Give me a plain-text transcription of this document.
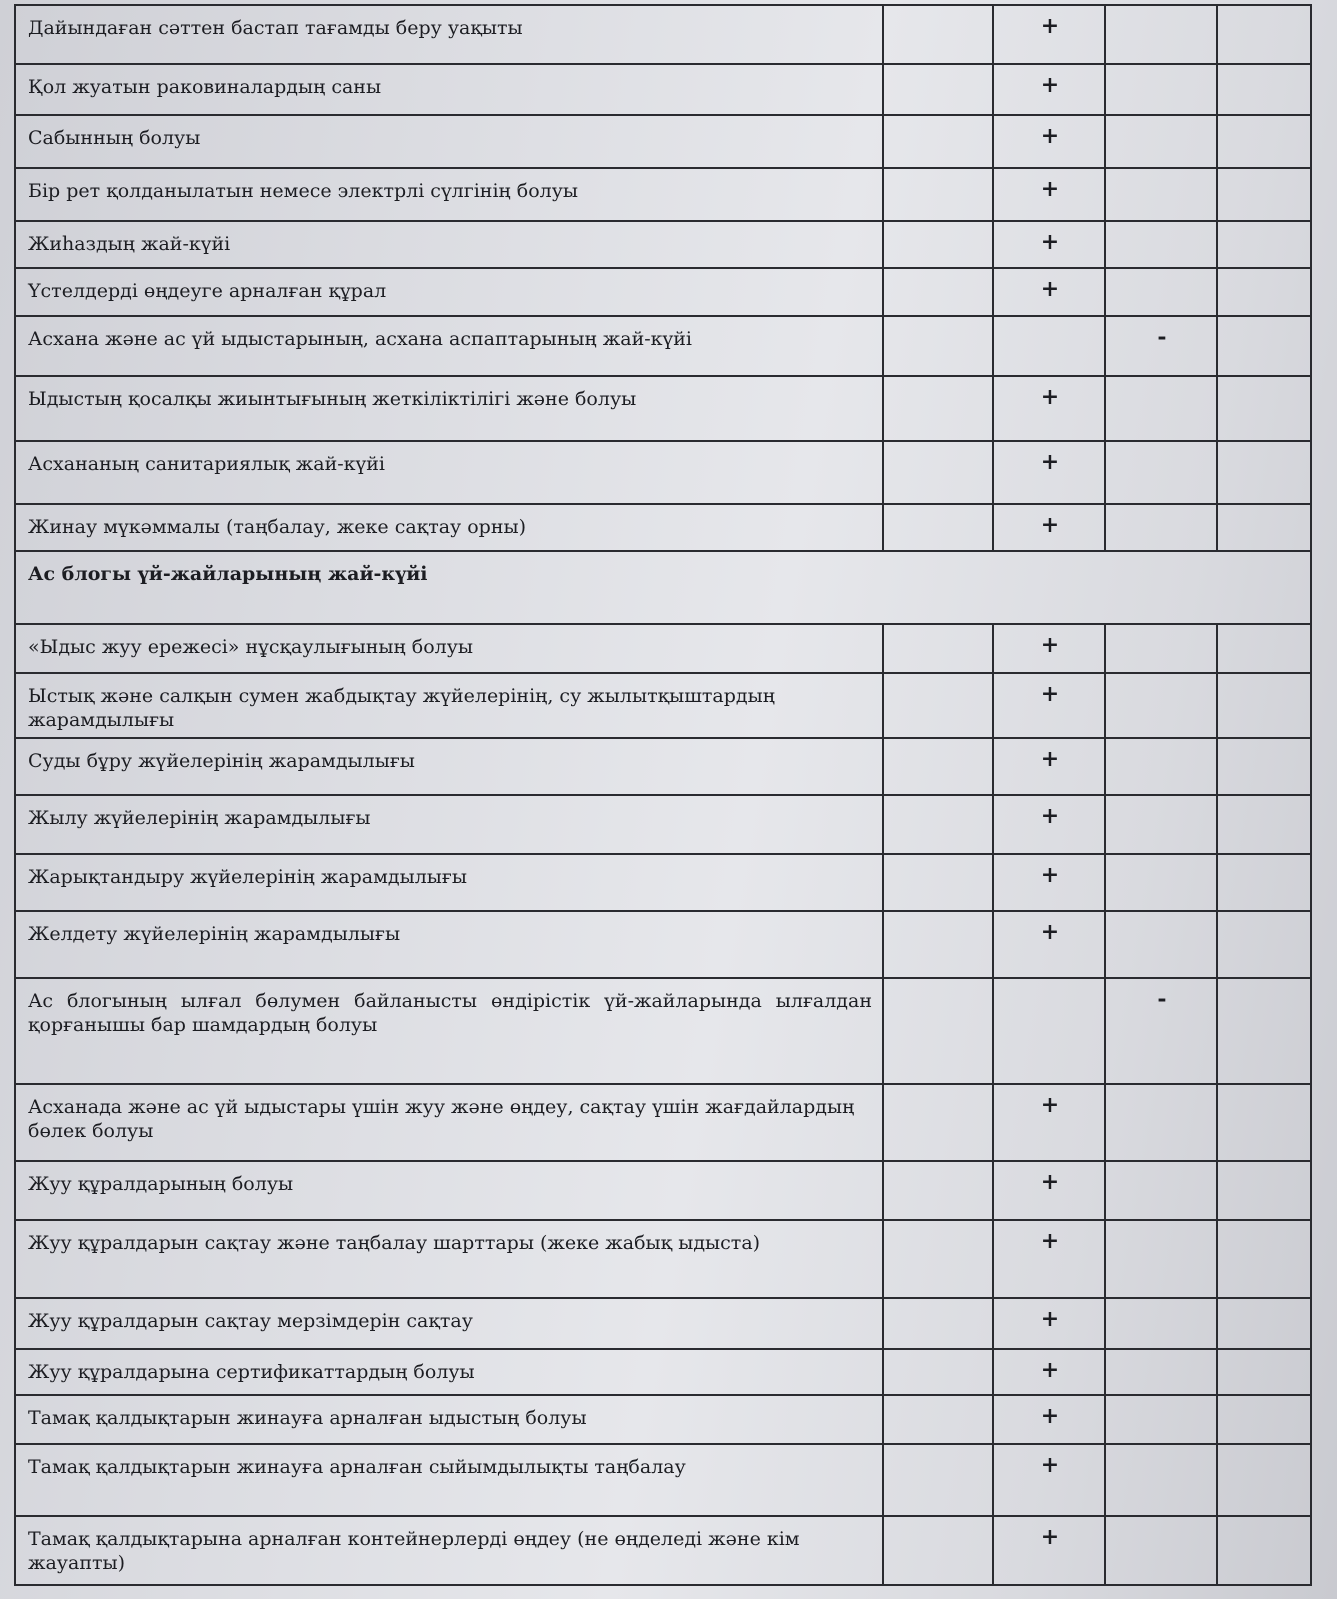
Дайындаған сәттен бастап тағамды беру уақыты		+		
Қол жуатын раковиналардың саны		+		
Сабынның болуы		+		
Бір рет қолданылатын немесе электрлі сүлгінің болуы		+		
Жиһаздың жай-күйі		+		
Үстелдерді өңдеуге арналған құрал		+		
Асхана және ас үй ыдыстарының, асхана аспаптарының жай-күйі			-	
Ыдыстың қосалқы жиынтығының жеткіліктілігі және болуы		+		
Асхананың санитариялық жай-күйі		+		
Жинау мүкәммалы (таңбалау, жеке сақтау орны)		+		
Ас блогы үй-жайларының жай-күйі				
«Ыдыс жуу ережесі» нұсқаулығының болуы		+		
Ыстық және салқын сумен жабдықтау жүйелерінің, су жылытқыштардың жарамдылығы		+		
Суды бұру жүйелерінің жарамдылығы		+		
Жылу жүйелерінің жарамдылығы		+		
Жарықтандыру жүйелерінің жарамдылығы		+		
Желдету жүйелерінің жарамдылығы		+		
Ас блогының ылғал бөлумен байланысты өндірістік үй-жайларында ылғалдан қорғанышы бар шамдардың болуы			-	
Асханада және ас үй ыдыстары үшін жуу және өңдеу, сақтау үшін жағдайлардың бөлек болуы		+		
Жуу құралдарының болуы		+		
Жуу құралдарын сақтау және таңбалау шарттары (жеке жабық ыдыста)		+		
Жуу құралдарын сақтау мерзімдерін сақтау		+		
Жуу құралдарына сертификаттардың болуы		+		
Тамақ қалдықтарын жинауға арналған ыдыстың болуы		+		
Тамақ қалдықтарын жинауға арналған сыйымдылықты таңбалау		+		
Тамақ қалдықтарына арналған контейнерлерді өңдеу (не өңделеді және кім жауапты)		+		
